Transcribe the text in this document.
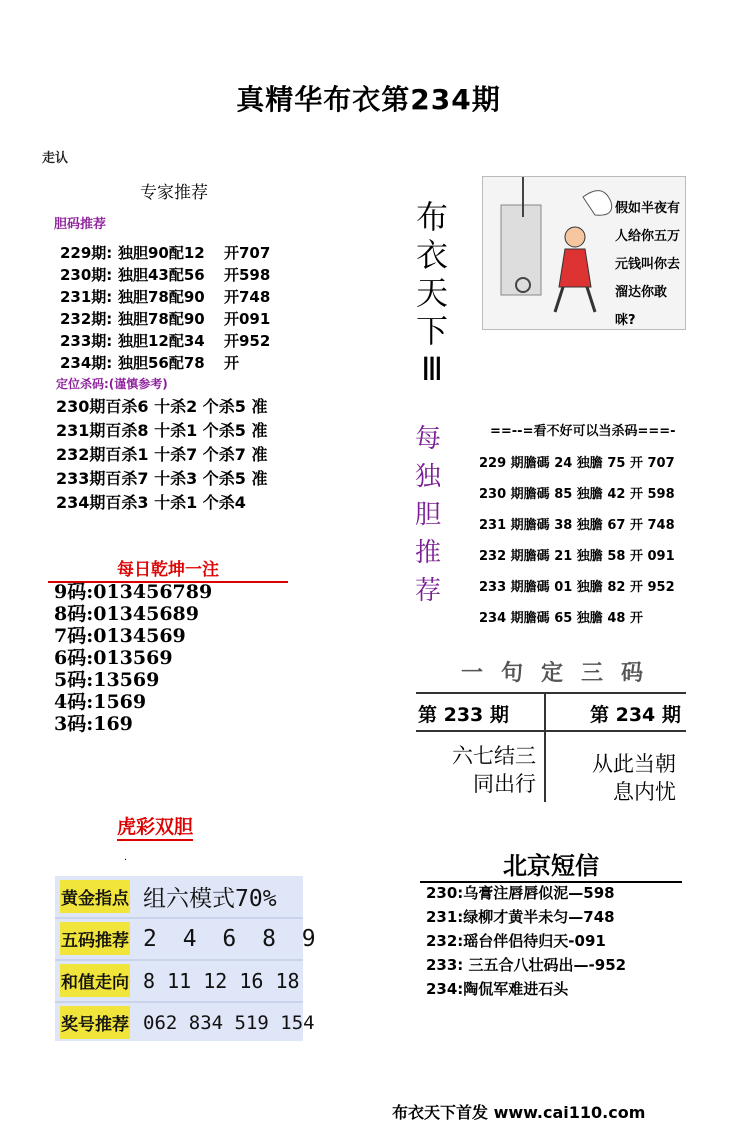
真精华布衣第234期
走认
专家推荐
胆码推荐
229期: 独胆90配12 开707
230期: 独胆43配56 开598
231期: 独胆78配90 开748
232期: 独胆78配90 开091
233期: 独胆12配34 开952
234期: 独胆56配78 开
定位杀码:(谨慎参考)
230期百杀6 十杀2 个杀5 准
231期百杀8 十杀1 个杀5 准
232期百杀1 十杀7 个杀7 准
233期百杀7 十杀3 个杀5 准
234期百杀3 十杀1 个杀4
每日乾坤一注
9码:013456789
8码:01345689
7码:0134569
6码:013569
5码:13569
4码:1569
3码:169
虎彩双胆
.
黄金指点 组六模式70%
五码推荐 2 4 6 8 9
和值走向 8 11 12 16 18
奖号推荐 062 834 519 154
布
衣
天
下
Ⅲ
假如半夜有
人给你五万
元钱叫你去
溜达你敢咪?
每
独
胆
推
荐
==--=看不好可以当杀码===-
229 期膽碼 24 独膽 75 开 707
230 期膽碼 85 独膽 42 开 598
231 期膽碼 38 独膽 67 开 748
232 期膽碼 21 独膽 58 开 091
233 期膽碼 01 独膽 82 开 952
234 期膽碼 65 独膽 48 开
一句定三码
第 233 期	第 234 期
六七结三
同出行
从此当朝
息内忧
北京短信
230:乌膏注唇唇似泥—598
231:绿柳才黄半未匀—748
232:瑶台伴侣待归天-091
233: 三五合八壮码出—-952
234:陶侃军难进石头
布衣天下首发 www.cai110.com
